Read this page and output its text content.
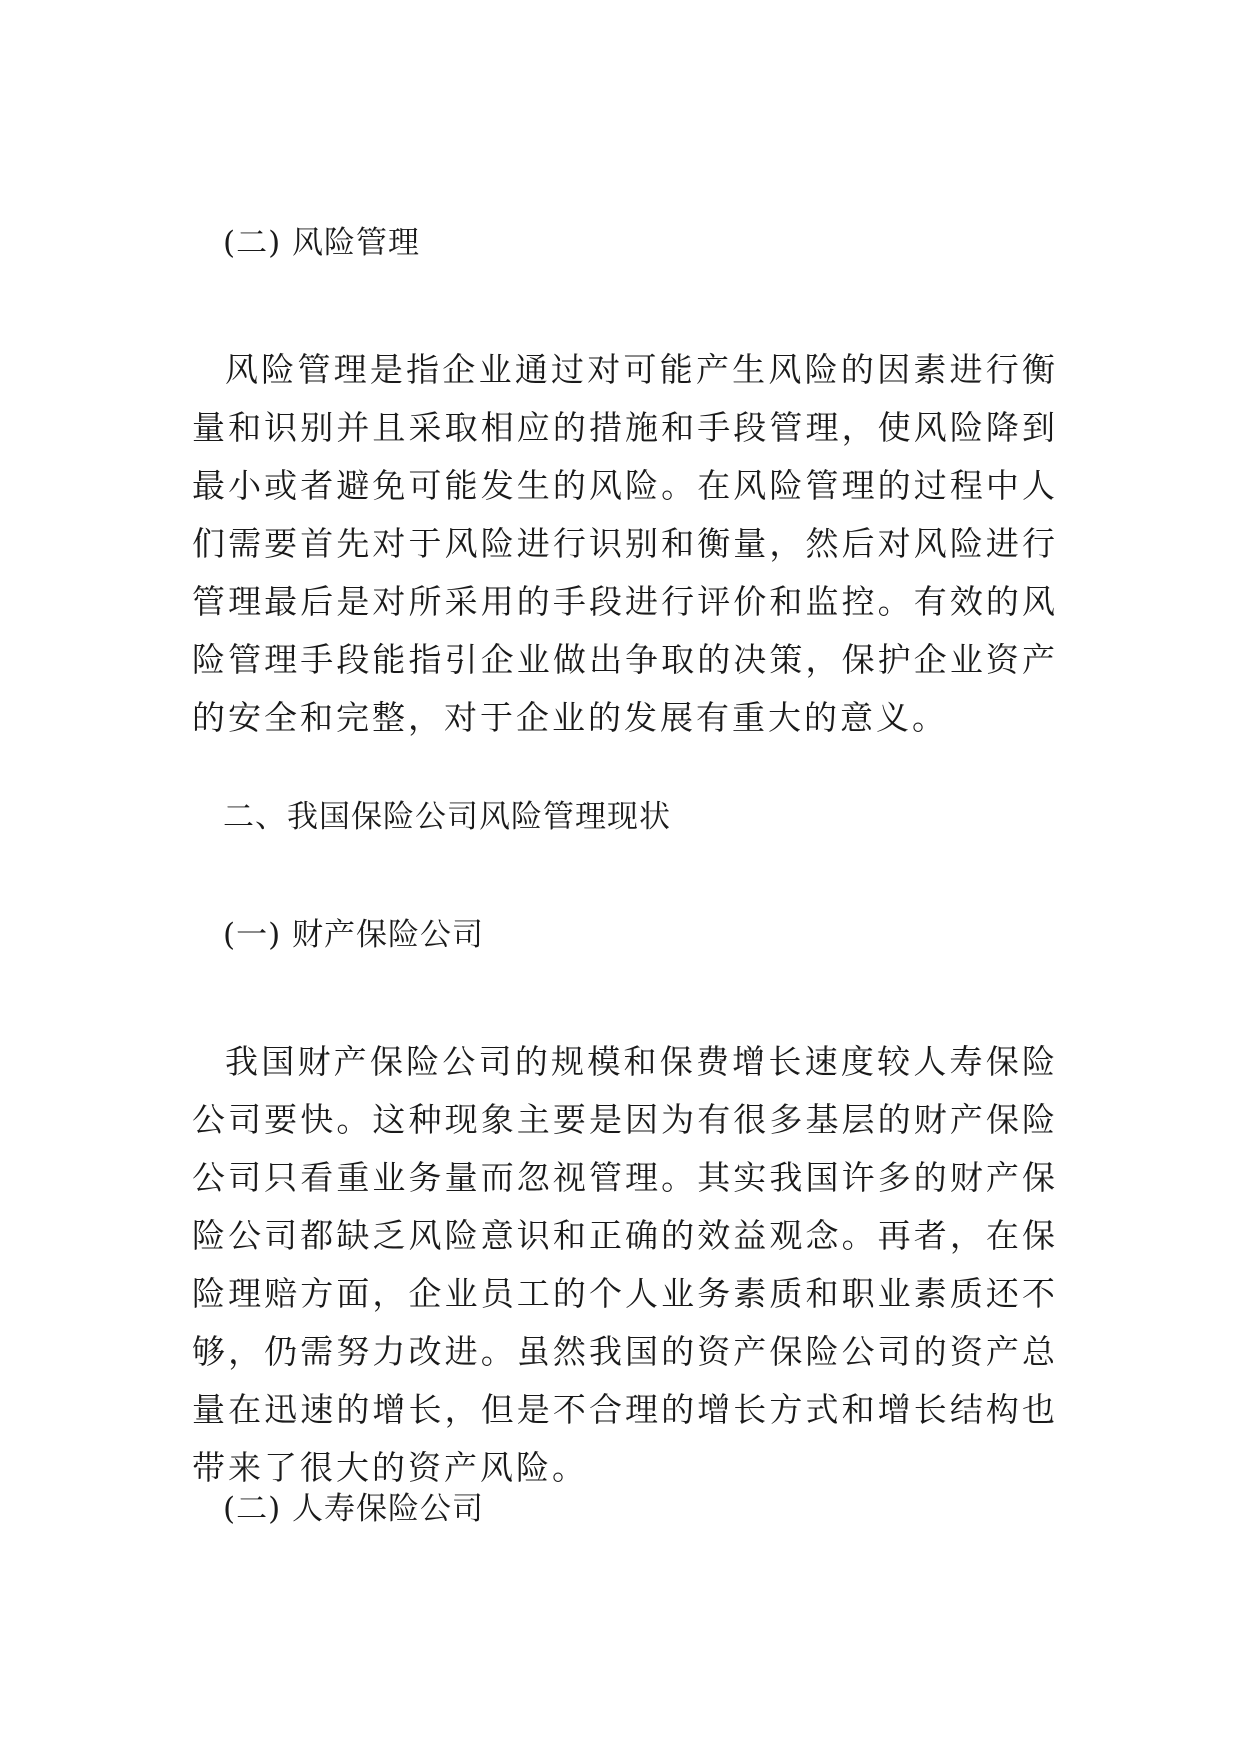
(二) 风险管理
风险管理是指企业通过对可能产生风险的因素进行衡量和识别并且采取相应的措施和手段管理，使风险降到最小或者避免可能发生的风险。在风险管理的过程中人们需要首先对于风险进行识别和衡量，然后对风险进行管理最后是对所采用的手段进行评价和监控。有效的风险管理手段能指引企业做出争取的决策，保护企业资产的安全和完整，对于企业的发展有重大的意义。
二、我国保险公司风险管理现状
(一) 财产保险公司
我国财产保险公司的规模和保费增长速度较人寿保险公司要快。这种现象主要是因为有很多基层的财产保险公司只看重业务量而忽视管理。其实我国许多的财产保险公司都缺乏风险意识和正确的效益观念。再者，在保险理赔方面，企业员工的个人业务素质和职业素质还不够，仍需努力改进。虽然我国的资产保险公司的资产总量在迅速的增长，但是不合理的增长方式和增长结构也带来了很大的资产风险。
(二) 人寿保险公司
